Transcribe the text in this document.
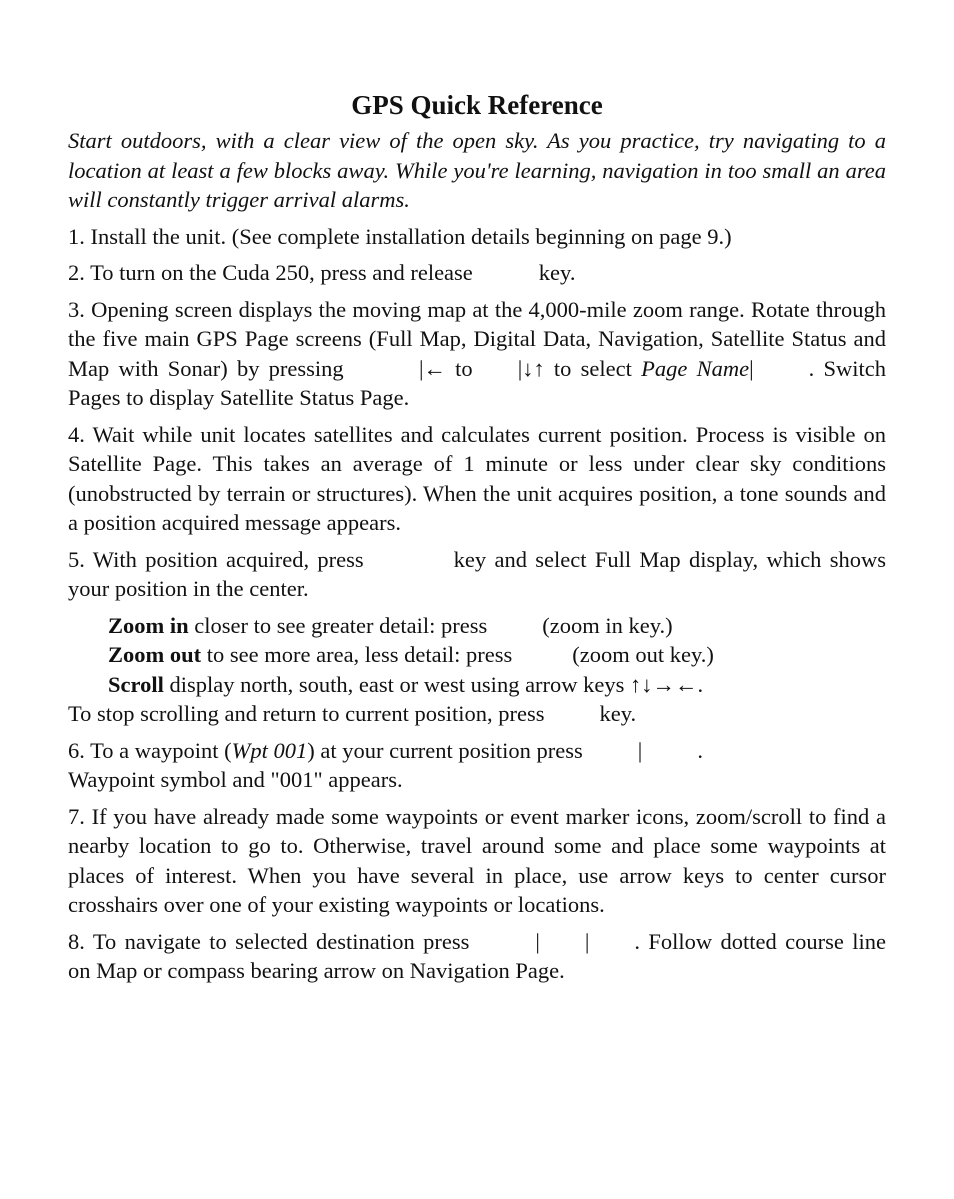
GPS Quick Reference

Start outdoors, with a clear view of the open sky. As you practice, try navigating to a location at least a few blocks away. While you're learning, navigation in too small an area will constantly trigger arrival alarms.

1. Install the unit. (See complete installation details beginning on page 9.)

2. To turn on the Cuda 250, press and release	key.

3. Opening screen displays the moving map at the 4,000-mile zoom range. Rotate through the five main GPS Page screens (Full Map, Digital Data, Navigation, Satellite Status and Map with Sonar) by pressing	|← to |↓↑ to select Page Name| . Switch Pages to display Satellite Status Page.

4. Wait while unit locates satellites and calculates current position. Process is visible on Satellite Page. This takes an average of 1 minute or less under clear sky conditions (unobstructed by terrain or structures). When the unit acquires position, a tone sounds and a position acquired message appears.

5. With position acquired, press	key and select Full Map display, which shows your position in the center.

Zoom in closer to see greater detail: press (zoom in key.)
Zoom out to see more area, less detail: press	(zoom out key.)
Scroll display north, south, east or west using arrow keys ↑↓→←.
To stop scrolling and return to current position, press key.

6. To a waypoint (Wpt 001) at your current position press | .
Waypoint symbol and "001" appears.

7. If you have already made some waypoints or event marker icons, zoom/scroll to find a nearby location to go to. Otherwise, travel around some and place some waypoints at places of interest. When you have several in place, use arrow keys to center cursor crosshairs over one of your existing waypoints or locations.

8. To navigate to selected destination press	| | . Follow dotted course line on Map or compass bearing arrow on Navigation Page.
